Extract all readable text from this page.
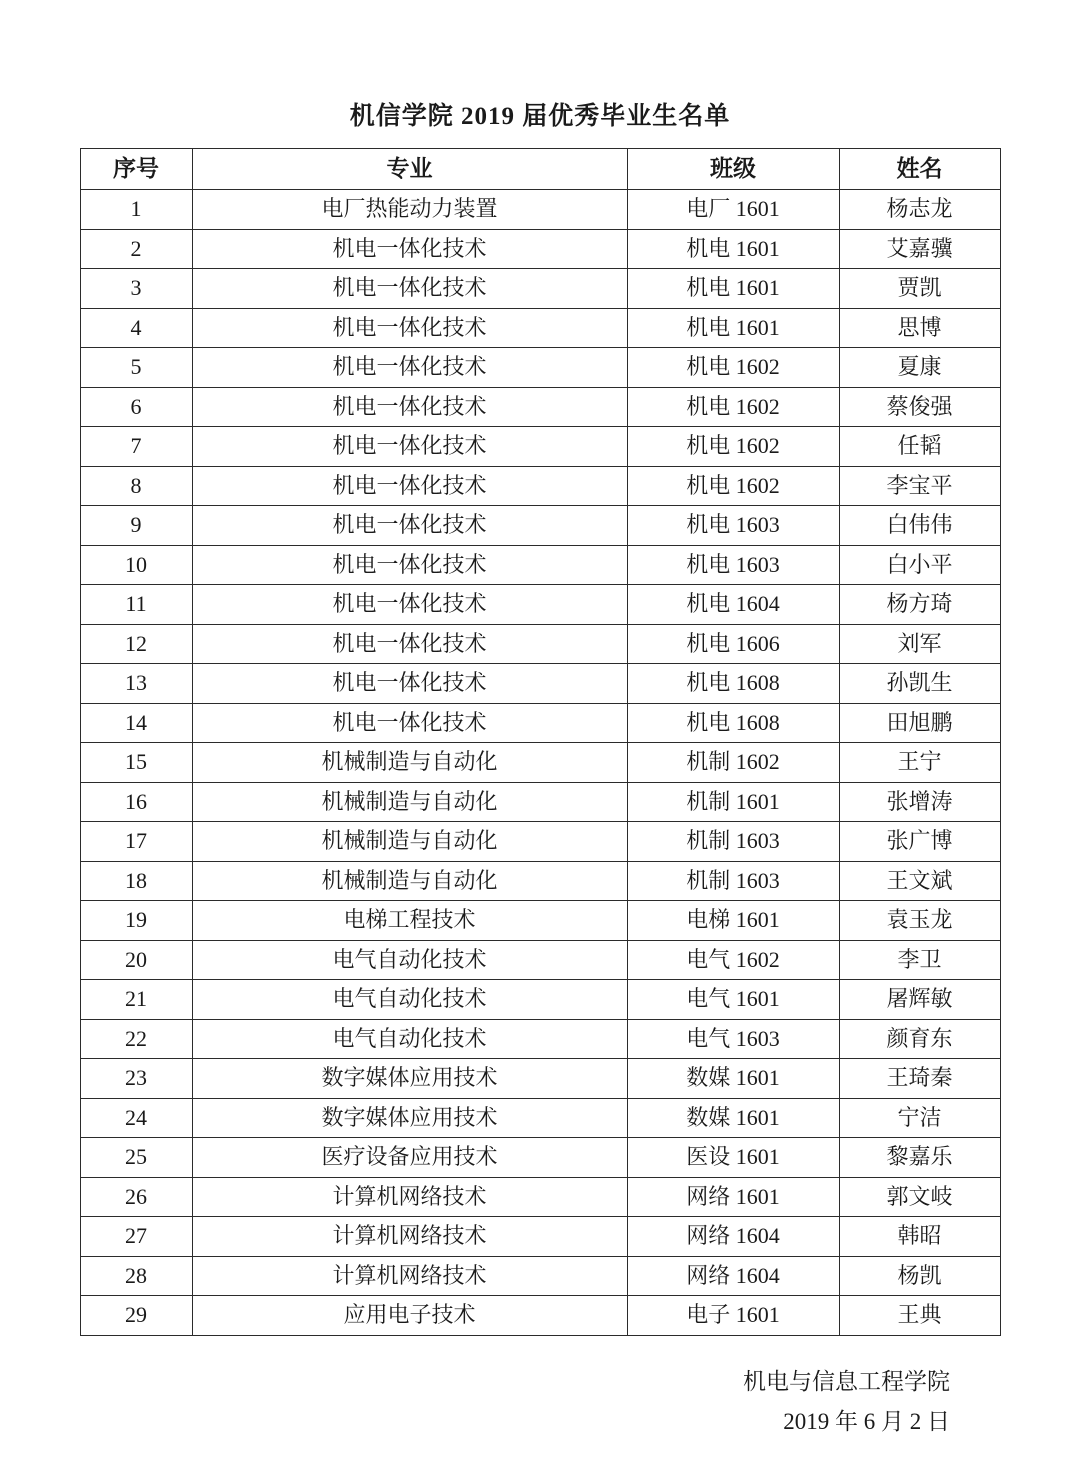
机信学院 2019 届优秀毕业生名单
序号	专业	班级	姓名
1	电厂热能动力装置	电厂 1601	杨志龙
2	机电一体化技术	机电 1601	艾嘉骥
3	机电一体化技术	机电 1601	贾凯
4	机电一体化技术	机电 1601	思博
5	机电一体化技术	机电 1602	夏康
6	机电一体化技术	机电 1602	蔡俊强
7	机电一体化技术	机电 1602	任韬
8	机电一体化技术	机电 1602	李宝平
9	机电一体化技术	机电 1603	白伟伟
10	机电一体化技术	机电 1603	白小平
11	机电一体化技术	机电 1604	杨方琦
12	机电一体化技术	机电 1606	刘军
13	机电一体化技术	机电 1608	孙凯生
14	机电一体化技术	机电 1608	田旭鹏
15	机械制造与自动化	机制 1602	王宁
16	机械制造与自动化	机制 1601	张增涛
17	机械制造与自动化	机制 1603	张广博
18	机械制造与自动化	机制 1603	王文斌
19	电梯工程技术	电梯 1601	袁玉龙
20	电气自动化技术	电气 1602	李卫
21	电气自动化技术	电气 1601	屠辉敏
22	电气自动化技术	电气 1603	颜育东
23	数字媒体应用技术	数媒 1601	王琦秦
24	数字媒体应用技术	数媒 1601	宁洁
25	医疗设备应用技术	医设 1601	黎嘉乐
26	计算机网络技术	网络 1601	郭文岐
27	计算机网络技术	网络 1604	韩昭
28	计算机网络技术	网络 1604	杨凯
29	应用电子技术	电子 1601	王典
机电与信息工程学院
2019 年 6 月 2 日
